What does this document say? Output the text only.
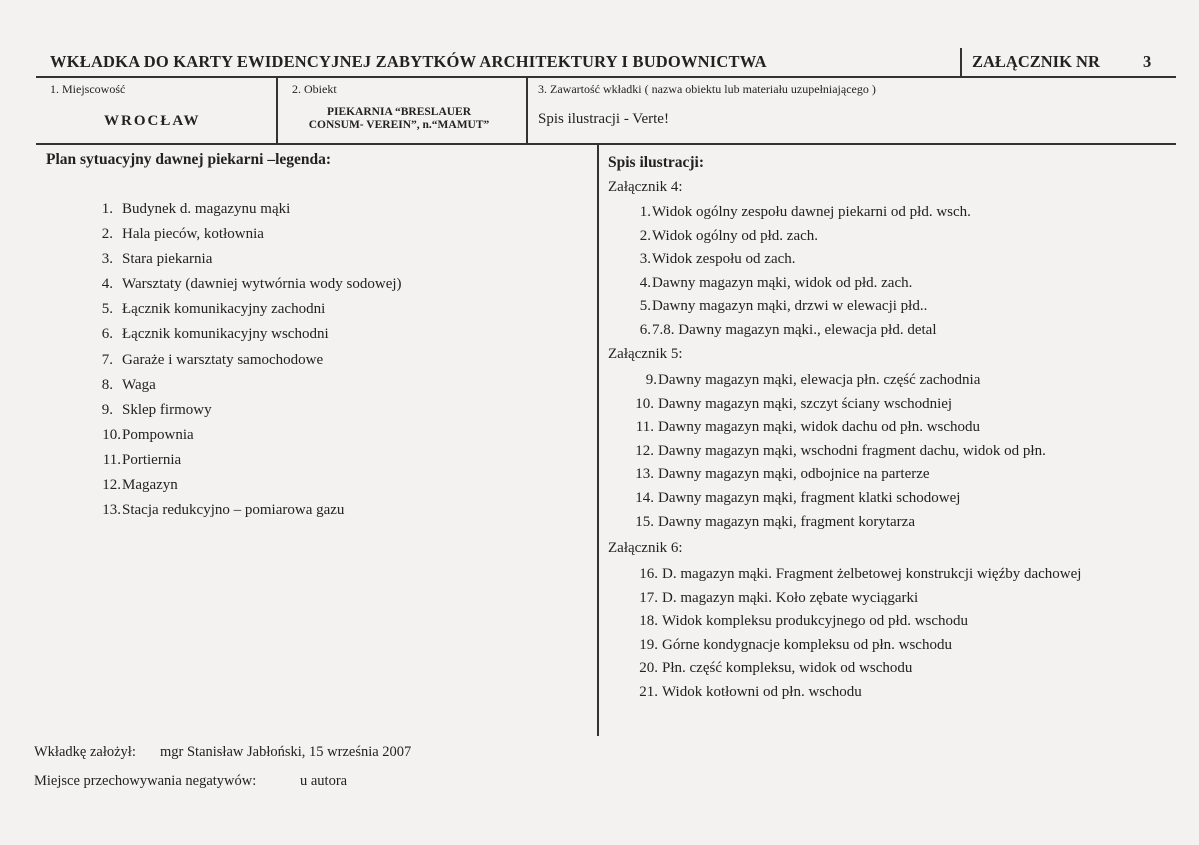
WKŁADKA DO KARTY EWIDENCYJNEJ ZABYTKÓW ARCHITEKTURY I BUDOWNICTWA	ZAŁĄCZNIK NR	3
1. Miejscowość
WROCŁAW
2. Obiekt
PIEKARNIA “BRESLAUER
CONSUM- VEREIN”, n.“MAMUT”
3. Zawartość wkładki ( nazwa obiektu lub materiału uzupełniającego )
Spis ilustracji - Verte!
Plan sytuacyjny dawnej piekarni –legenda:
1. Budynek d. magazynu mąki
2. Hala pieców, kotłownia
3. Stara piekarnia
4. Warsztaty (dawniej wytwórnia wody sodowej)
5. Łącznik komunikacyjny zachodni
6. Łącznik komunikacyjny wschodni
7. Garaże i warsztaty samochodowe
8. Waga
9. Sklep firmowy
10. Pompownia
11. Portiernia
12. Magazyn
13. Stacja redukcyjno – pomiarowa gazu
Spis ilustracji:
Załącznik 4:
1. Widok ogólny zespołu dawnej piekarni od płd. wsch.
2. Widok ogólny od płd. zach.
3. Widok zespołu od zach.
4. Dawny magazyn mąki, widok od płd. zach.
5. Dawny magazyn mąki, drzwi w elewacji płd..
6. 7.8. Dawny magazyn mąki., elewacja płd. detal
Załącznik 5:
9. Dawny magazyn mąki, elewacja płn. część zachodnia
10. Dawny magazyn mąki, szczyt ściany wschodniej
11. Dawny magazyn mąki, widok dachu od płn. wschodu
12. Dawny magazyn mąki, wschodni fragment dachu, widok od płn.
13. Dawny magazyn mąki, odbojnice na parterze
14. Dawny magazyn mąki, fragment klatki schodowej
15. Dawny magazyn mąki, fragment korytarza
Załącznik 6:
16. D. magazyn mąki. Fragment żelbetowej konstrukcji więźby dachowej
17. D. magazyn mąki. Koło zębate wyciągarki
18. Widok kompleksu produkcyjnego od płd. wschodu
19. Górne kondygnacje kompleksu od płn. wschodu
20. Płn. część kompleksu, widok od wschodu
21. Widok kotłowni od płn. wschodu
Wkładkę założył: mgr Stanisław Jabłoński, 15 września 2007
Miejsce przechowywania negatywów:	u autora
